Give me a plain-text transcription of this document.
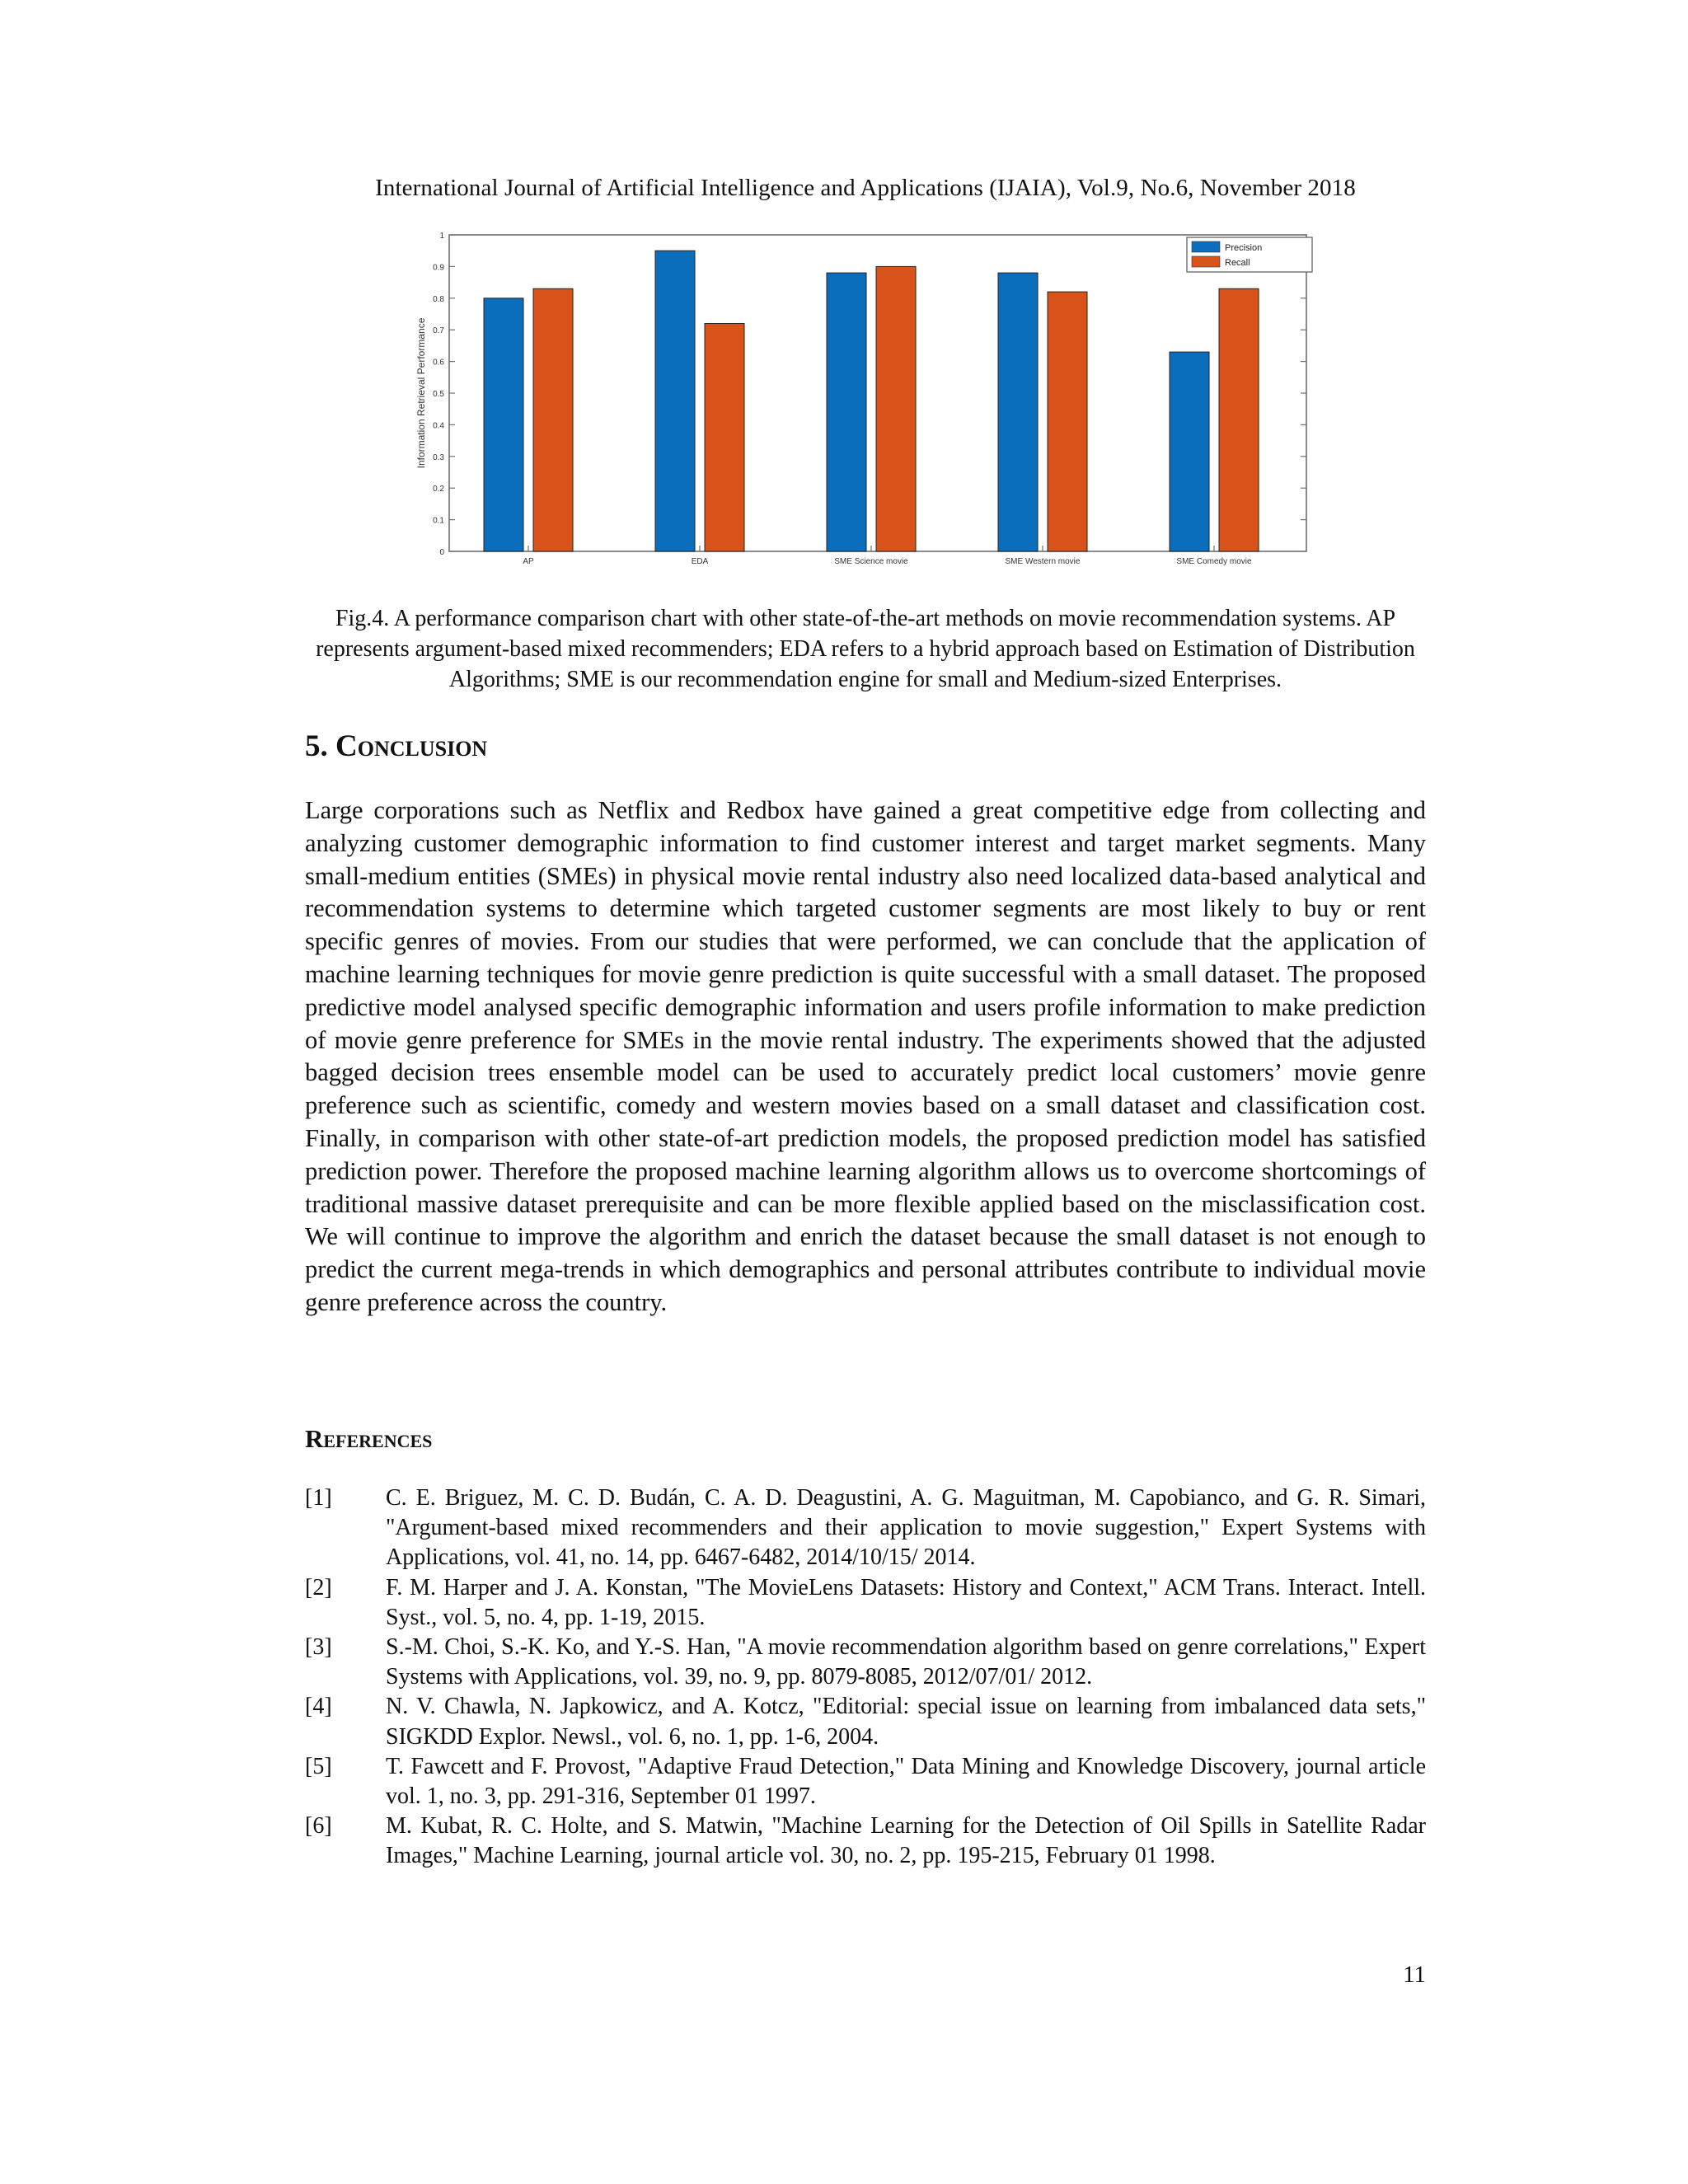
International Journal of Artificial Intelligence and Applications (IJAIA), Vol.9, No.6, November 2018
0
0.1
0.2
0.3
0.4
0.5
0.6
0.7
0.8
0.9
1
AP	EDA	SME Science movie	SME Western movie	SME Comedy movie
Information Retrieval Performance
Precision
Recall
Fig.4. A performance comparison chart with other state-of-the-art methods on movie recommendation systems. AP represents argument-based mixed recommenders; EDA refers to a hybrid approach based on Estimation of Distribution Algorithms; SME is our recommendation engine for small and Medium-sized Enterprises.
5. Conclusion
Large corporations such as Netflix and Redbox have gained a great competitive edge from collecting and analyzing customer demographic information to find customer interest and target market segments. Many small-medium entities (SMEs) in physical movie rental industry also need localized data-based analytical and recommendation systems to determine which targeted customer segments are most likely to buy or rent specific genres of movies. From our studies that were performed, we can conclude that the application of machine learning techniques for movie genre prediction is quite successful with a small dataset. The proposed predictive model analysed specific demographic information and users profile information to make prediction of movie genre preference for SMEs in the movie rental industry. The experiments showed that the adjusted bagged decision trees ensemble model can be used to accurately predict local customers’ movie genre preference such as scientific, comedy and western movies based on a small dataset and classification cost. Finally, in comparison with other state-of-art prediction models, the proposed prediction model has satisfied prediction power. Therefore the proposed machine learning algorithm allows us to overcome shortcomings of traditional massive dataset prerequisite and can be more flexible applied based on the misclassification cost. We will continue to improve the algorithm and enrich the dataset because the small dataset is not enough to predict the current mega-trends in which demographics and personal attributes contribute to individual movie genre preference across the country.
References
[1]	C. E. Briguez, M. C. D. Budán, C. A. D. Deagustini, A. G. Maguitman, M. Capobianco, and G. R. Simari, "Argument-based mixed recommenders and their application to movie suggestion," Expert Systems with Applications, vol. 41, no. 14, pp. 6467-6482, 2014/10/15/ 2014.
[2]	F. M. Harper and J. A. Konstan, "The MovieLens Datasets: History and Context," ACM Trans. Interact. Intell. Syst., vol. 5, no. 4, pp. 1-19, 2015.
[3]	S.-M. Choi, S.-K. Ko, and Y.-S. Han, "A movie recommendation algorithm based on genre correlations," Expert Systems with Applications, vol. 39, no. 9, pp. 8079-8085, 2012/07/01/ 2012.
[4]	N. V. Chawla, N. Japkowicz, and A. Kotcz, "Editorial: special issue on learning from imbalanced data sets," SIGKDD Explor. Newsl., vol. 6, no. 1, pp. 1-6, 2004.
[5]	T. Fawcett and F. Provost, "Adaptive Fraud Detection," Data Mining and Knowledge Discovery, journal article vol. 1, no. 3, pp. 291-316, September 01 1997.
[6]	M. Kubat, R. C. Holte, and S. Matwin, "Machine Learning for the Detection of Oil Spills in Satellite Radar Images," Machine Learning, journal article vol. 30, no. 2, pp. 195-215, February 01 1998.
11
